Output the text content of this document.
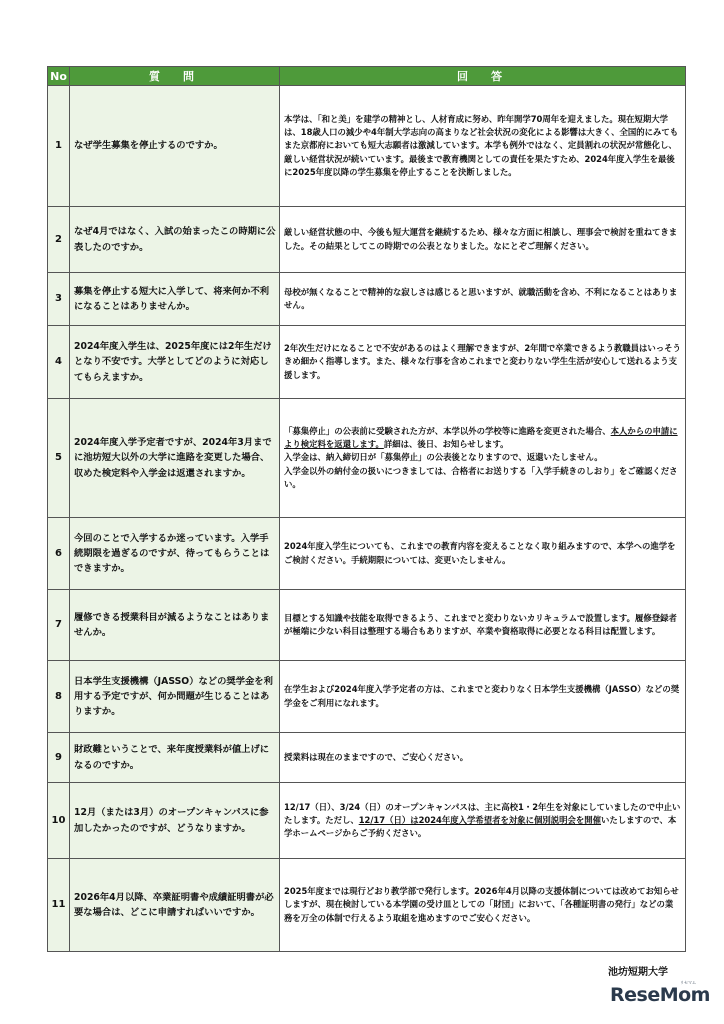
No	質　問	回　答
1	なぜ学生募集を停止するのですか。	本学は、「和と美」を建学の精神とし、人材育成に努め、昨年開学70周年を迎えました。現在短期大学は、18歳人口の減少や4年制大学志向の高まりなど社会状況の変化による影響は大きく、全国的にみてもまた京都府においても短大志願者は激減しています。本学も例外ではなく、定員割れの状況が常態化し、厳しい経営状況が続いています。最後まで教育機関としての責任を果たすため、2024年度入学生を最後に2025年度以降の学生募集を停止することを決断しました。
2	なぜ4月ではなく、入試の始まったこの時期に公表したのですか。	厳しい経営状態の中、今後も短大運営を継続するため、様々な方面に相談し、理事会で検討を重ねてきました。その結果としてこの時期での公表となりました。なにとぞご理解ください。
3	募集を停止する短大に入学して、将来何か不利になることはありませんか。	母校が無くなることで精神的な寂しさは感じると思いますが、就職活動を含め、不利になることはありません。
4	2024年度入学生は、2025年度には2年生だけとなり不安です。大学としてどのように対応してもらえますか。	2年次生だけになることで不安があるのはよく理解できますが、2年間で卒業できるよう教職員はいっそうきめ細かく指導します。また、様々な行事を含めこれまでと変わりない学生生活が安心して送れるよう支援します。
5	2024年度入学予定者ですが、2024年3月までに池坊短大以外の大学に進路を変更した場合、収めた検定料や入学金は返還されますか。	「募集停止」の公表前に受験された方が、本学以外の学校等に進路を変更された場合、本人からの申請により検定料を返還します。詳細は、後日、お知らせします。
入学金は、納入締切日が「募集停止」の公表後となりますので、返還いたしません。
入学金以外の納付金の扱いにつきましては、合格者にお送りする「入学手続きのしおり」をご確認ください。

6	今回のことで入学するか迷っています。入学手続期限を過ぎるのですが、待ってもらうことはできますか。	2024年度入学生についても、これまでの教育内容を変えることなく取り組みますので、本学への進学をご検討ください。手続期限については、変更いたしません。
7	履修できる授業科目が減るようなことはありませんか。	目標とする知識や技能を取得できるよう、これまでと変わりないカリキュラムで設置します。履修登録者が極端に少ない科目は整理する場合もありますが、卒業や資格取得に必要となる科目は配置します。
8	日本学生支援機構（JASSO）などの奨学金を利用する予定ですが、何か問題が生じることはありますか。	在学生および2024年度入学予定者の方は、これまでと変わりなく日本学生支援機構（JASSO）などの奨学金をご利用になれます。
9	財政難ということで、来年度授業料が値上げになるのですか。	授業料は現在のままですので、ご安心ください。
10	12月（または3月）のオープンキャンパスに参加したかったのですが、どうなりますか。	12/17（日）、3/24（日）のオープンキャンパスは、主に高校1・2年生を対象にしていましたので中止いたします。ただし、12/17（日）は2024年度入学希望者を対象に個別説明会を開催いたしますので、本学ホームページからご予約ください。
11	2026年4月以降、卒業証明書や成績証明書が必要な場合は、どこに申請すればいいですか。	2025年度までは現行どおり教学部で発行します。2026年4月以降の支援体制については改めてお知らせしますが、現在検討している本学園の受け皿としての「財団」において、「各種証明書の発行」などの業務を万全の体制で行えるよう取組を進めますのでご安心ください。
池坊短期大学
リセマム
ReseMom
